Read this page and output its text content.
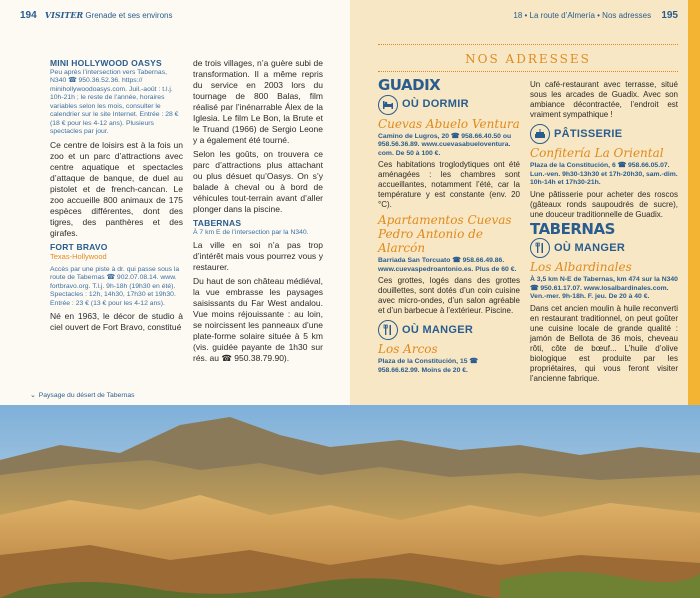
194 VISITER Grenade et ses environs	18 • La route d’Almería • Nos adresses 195
MINI HOLLYWOOD OASYS

Peu après l’intersection vers Tabernas, N340 ☎ 950.36.52.36. https:// minihollywoodoasys.com. Juil.-août : t.l.j. 10h-21h ; le reste de l’année, horaires variables selon les mois, consulter le calendrier sur le site Internet. Entrée : 28 € (18 € pour les 4-12 ans). Plusieurs spectacles par jour.

Ce centre de loisirs est à la fois un zoo et un parc d’attractions avec centre aquatique et spectacles d’attaque de banque, de duel au pistolet et de french-cancan. Le zoo accueille 800 animaux de 175 espèces différentes, dont des tigres, des panthères et des girafes.

FORT BRAVO
Texas-Hollywood

Accès par une piste à dr. qui passe sous la route de Tabernas ☎ 902.07.08.14. www. fortbravo.org. T.l.j. 9h-18h (19h30 en été). Spectacles : 12h, 14h30, 17h30 et 19h30. Entrée : 23 € (13 € pour les 4-12 ans).

Né en 1963, le décor de studio à ciel ouvert de Fort Bravo, constitué

de trois villages, n’a guère subi de transformation. Il a même repris du service en 2003 lors du tournage de 800 Balas, film réalisé par l’inénarrable Álex de la Iglesia. Le film Le Bon, la Brute et le Truand (1966) de Sergio Leone y a également été tourné.

Selon les goûts, on trouvera ce parc d’attractions plus attachant ou plus désuet qu’Oasys. On s’y balade à cheval ou à bord de véhicules tout-terrain avant d’aller plonger dans la piscine.

TABERNAS

À 7 km E de l’intersection par la N340.

La ville en soi n’a pas trop d’intérêt mais vous pourrez vous y restaurer.

Du haut de son château médiéval, la vue embrasse les paysages saisissants du Far West andalou. Vue moins réjouissante : au loin, se noircissent les panneaux d’une plate-forme solaire située à 5 km (vis. guidée payante de 1h30 sur rés. au ☎ 950.38.79.90).

⌄ Paysage du désert de Tabernas
NOS ADRESSES
GUADIX
OÙ DORMIR
Cuevas Abuelo Ventura
Camino de Lugros, 20 ☎ 958.66.40.50 ou 958.56.36.89. www.cuevasabueloventura. com. De 50 à 100 €.

Ces habitations troglodytiques ont été aménagées : les chambres sont accueillantes, notamment l’été, car la température y est constante (env. 20 °C).

Apartamentos Cuevas Pedro Antonio de Alarcón
Barriada San Torcuato ☎ 958.66.49.86. www.cuevaspedroantonio.es. Plus de 60 €.

Ces grottes, logés dans des grottes douillettes, sont dotés d’un coin cuisine avec micro-ondes, d’un salon agréable et d’un barbecue à l’extérieur. Piscine.

OÙ MANGER
Los Arcos
Plaza de la Constitución, 15 ☎ 958.66.62.99. Moins de 20 €.

Un café-restaurant avec terrasse, situé sous les arcades de Guadix. Avec son ambiance décontractée, l’endroit est vraiment sympathique !

PÂTISSERIE
Confitería La Oriental
Plaza de la Constitución, 6 ☎ 958.66.05.07. Lun.-ven. 9h30-13h30 et 17h-20h30, sam.-dim. 10h-14h et 17h30-21h.

Une pâtisserie pour acheter des roscos (gâteaux ronds saupoudrés de sucre), une douceur traditionnelle de Guadix.

TABERNAS
OÙ MANGER
Los Albardinales
À 3,5 km N-E de Tabernas, km 474 sur la N340 ☎ 950.61.17.07. www.losalbardinales.com. Ven.-mer. 9h-18h. F. jeu. De 20 à 40 €.

Dans cet ancien moulin à huile reconverti en restaurant traditionnel, on peut goûter une cuisine locale de grande qualité : jamón de Bellota de 36 mois, cheveau rôti, côte de bœuf... L’huile d’olive biologique est produite par les propriétaires, qui vous feront visiter l’ancienne fabrique.
